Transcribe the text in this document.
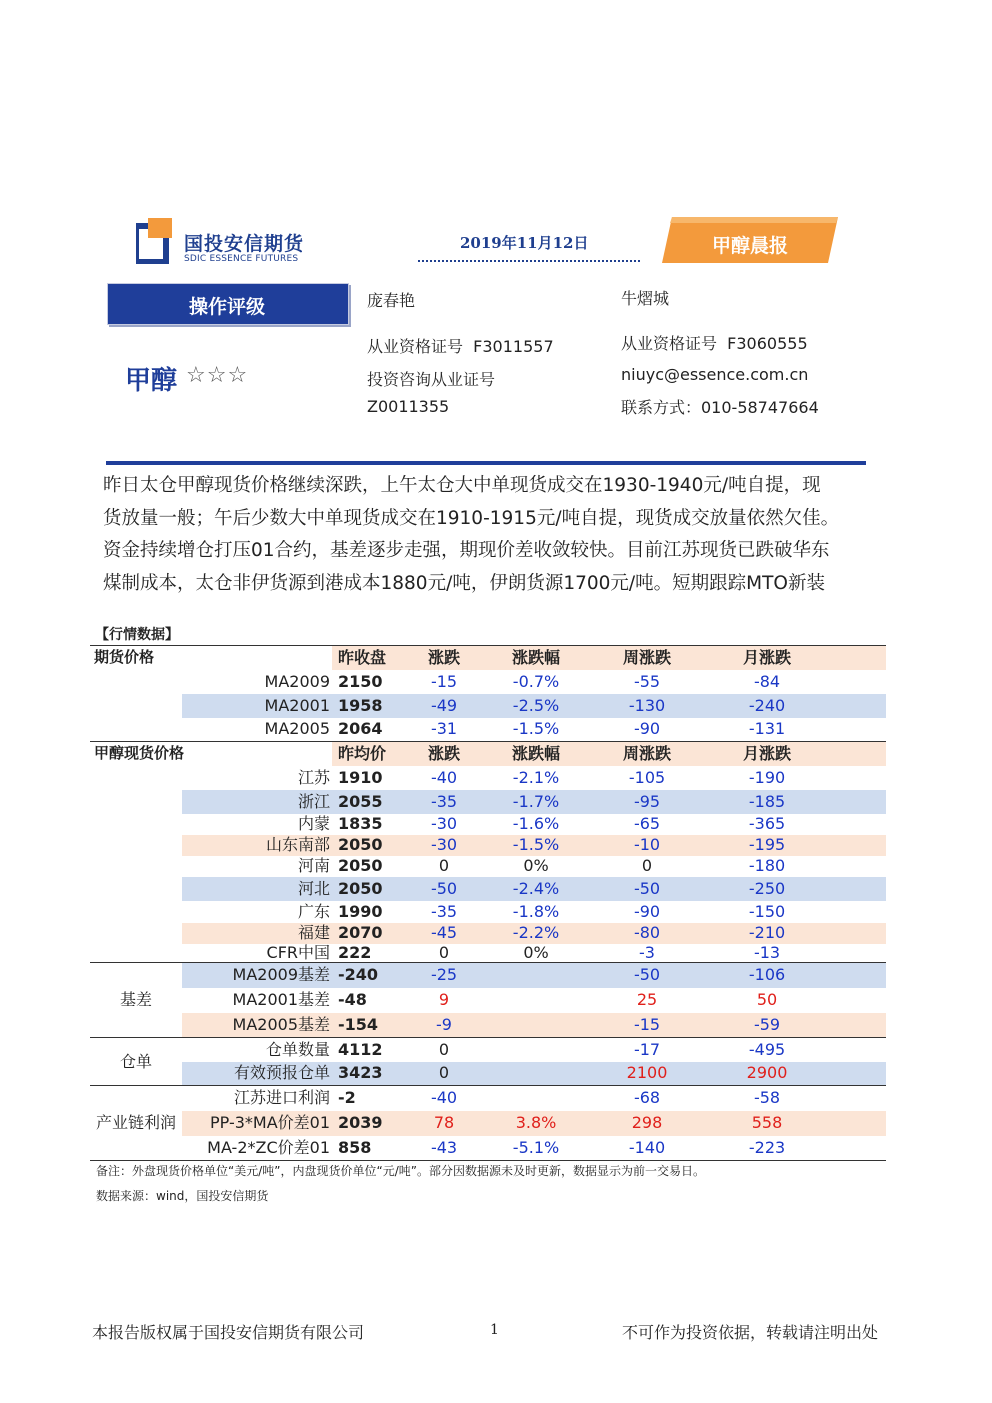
国投安信期货
SDIC ESSENCE FUTURES
2019年11月12日	甲醇晨报
操作评级
甲醇 ☆☆☆
庞春艳
从业资格证号  F3011557
投资咨询从业证号
Z0011355
牛熠城
从业资格证号  F3060555
niuyc@essence.com.cn
联系方式：010-58747664
昨日太仓甲醇现货价格继续深跌，上午太仓大中单现货成交在1930-1940元/吨自提，现
货放量一般；午后少数大中单现货成交在1910-1915元/吨自提，现货成交放量依然欠佳。
资金持续增仓打压01合约，基差逐步走强，期现价差收敛较快。目前江苏现货已跌破华东
煤制成本，太仓非伊货源到港成本1880元/吨，伊朗货源1700元/吨。短期跟踪MTO新装
【行情数据】
期货价格		昨收盘	涨跌	涨跌幅	周涨跌	月涨跌	
	MA2009	2150	-15	-0.7%	-55	-84	
	MA2001	1958	-49	-2.5%	-130	-240	
	MA2005	2064	-31	-1.5%	-90	-131	
甲醇现货价格		昨均价	涨跌	涨跌幅	周涨跌	月涨跌	
	江苏	1910	-40	-2.1%	-105	-190	
	浙江	2055	-35	-1.7%	-95	-185	
	内蒙	1835	-30	-1.6%	-65	-365	
	山东南部	2050	-30	-1.5%	-10	-195	
	河南	2050	0	0%	0	-180	
	河北	2050	-50	-2.4%	-50	-250	
	广东	1990	-35	-1.8%	-90	-150	
	福建	2070	-45	-2.2%	-80	-210	
	CFR中国	222	0	0%	-3	-13	
基差	MA2009基差	-240	-25		-50	-106	
	MA2001基差	-48	9		25	50	
	MA2005基差	-154	-9		-15	-59	
仓单	仓单数量	4112	0		-17	-495	
	有效预报仓单	3423	0		2100	2900	
产业链利润	江苏进口利润	-2	-40		-68	-58	
	PP-3*MA价差01	2039	78	3.8%	298	558	
	MA-2*ZC价差01	858	-43	-5.1%	-140	-223	
备注：外盘现货价格单位“美元/吨”，内盘现货价单位“元/吨”。部分因数据源未及时更新，数据显示为前一交易日。
数据来源：wind，国投安信期货
本报告版权属于国投安信期货有限公司	1	不可作为投资依据，转载请注明出处
